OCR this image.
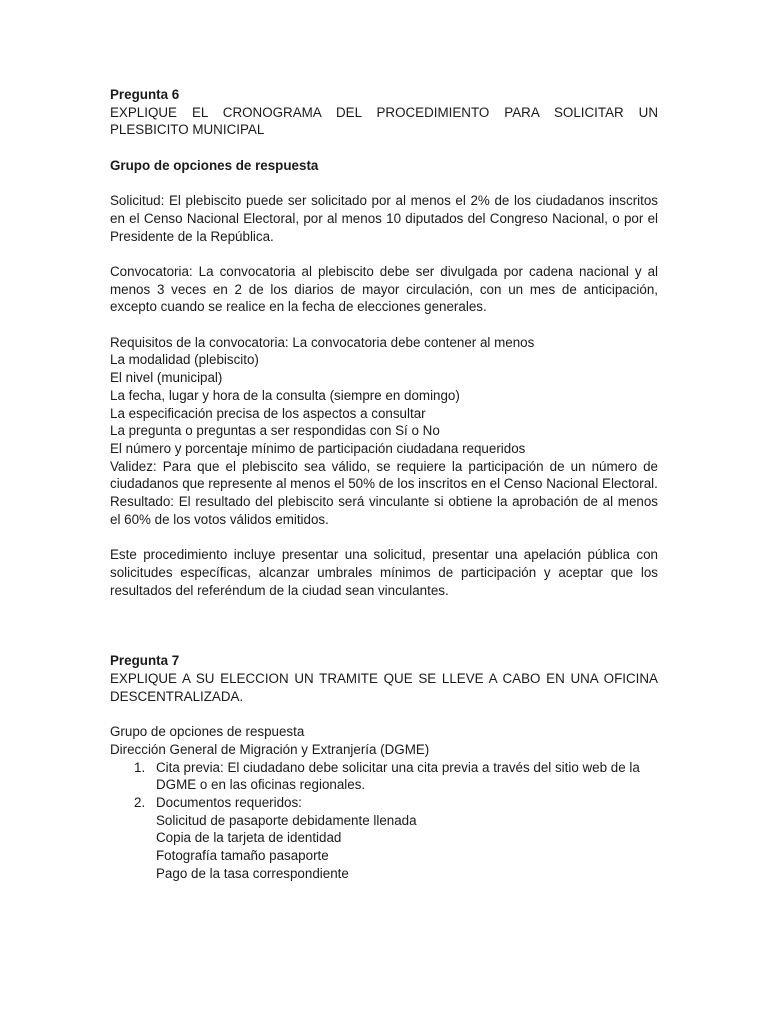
Pregunta 6

EXPLIQUE EL CRONOGRAMA DEL PROCEDIMIENTO PARA SOLICITAR UN PLESBICITO MUNICIPAL

Grupo de opciones de respuesta

Solicitud: El plebiscito puede ser solicitado por al menos el 2% de los ciudadanos inscritos en el Censo Nacional Electoral, por al menos 10 diputados del Congreso Nacional, o por el Presidente de la República.

Convocatoria: La convocatoria al plebiscito debe ser divulgada por cadena nacional y al menos 3 veces en 2 de los diarios de mayor circulación, con un mes de anticipación, excepto cuando se realice en la fecha de elecciones generales.

Requisitos de la convocatoria: La convocatoria debe contener al menos

La modalidad (plebiscito)

El nivel (municipal)

La fecha, lugar y hora de la consulta (siempre en domingo)

La especificación precisa de los aspectos a consultar

La pregunta o preguntas a ser respondidas con Sí o No

El número y porcentaje mínimo de participación ciudadana requeridos

Validez: Para que el plebiscito sea válido, se requiere la participación de un número de ciudadanos que represente al menos el 50% de los inscritos en el Censo Nacional Electoral.

Resultado: El resultado del plebiscito será vinculante si obtiene la aprobación de al menos el 60% de los votos válidos emitidos.

Este procedimiento incluye presentar una solicitud, presentar una apelación pública con solicitudes específicas, alcanzar umbrales mínimos de participación y aceptar que los resultados del referéndum de la ciudad sean vinculantes.

Pregunta 7

EXPLIQUE A SU ELECCION UN TRAMITE QUE SE LLEVE A CABO EN UNA OFICINA DESCENTRALIZADA.

Grupo de opciones de respuesta

Dirección General de Migración y Extranjería (DGME)

1. Cita previa: El ciudadano debe solicitar una cita previa a través del sitio web de la DGME o en las oficinas regionales.
2. Documentos requeridos:

Solicitud de pasaporte debidamente llenada

Copia de la tarjeta de identidad

Fotografía tamaño pasaporte

Pago de la tasa correspondiente
